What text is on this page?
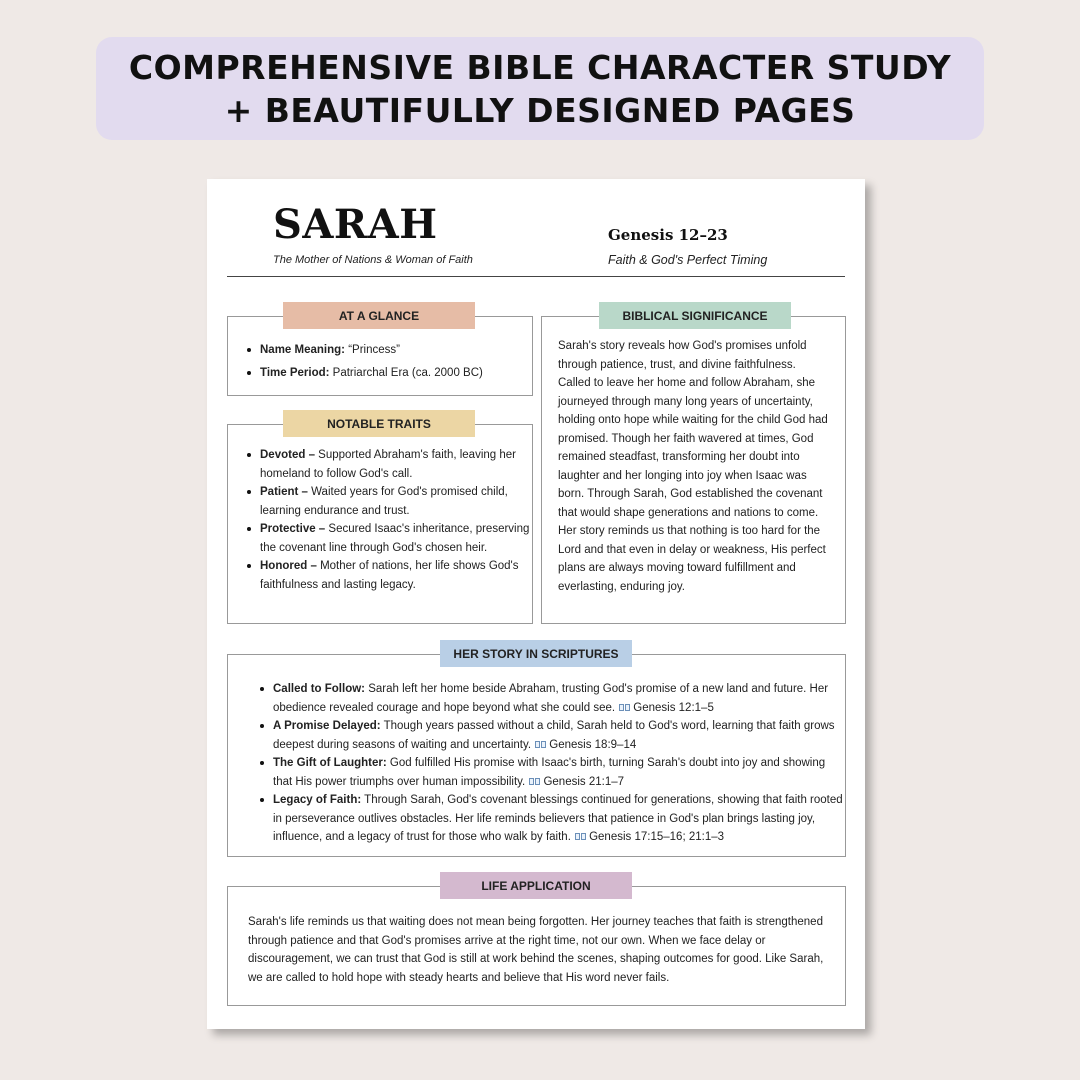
COMPREHENSIVE BIBLE CHARACTER STUDY
+ BEAUTIFULLY DESIGNED PAGES
SARAH
The Mother of Nations & Woman of Faith
Genesis 12–23
Faith & God's Perfect Timing
Name Meaning: “Princess”
Time Period: Patriarchal Era (ca. 2000 BC)
AT A GLANCE
Devoted – Supported Abraham's faith, leaving her homeland to follow God's call.
Patient – Waited years for God's promised child, learning endurance and trust.
Protective – Secured Isaac's inheritance, preserving the covenant line through God's chosen heir.
Honored – Mother of nations, her life shows God's faithfulness and lasting legacy.
NOTABLE TRAITS
Sarah's story reveals how God's promises unfold through patience, trust, and divine faithfulness. Called to leave her home and follow Abraham, she journeyed through many long years of uncertainty, holding onto hope while waiting for the child God had promised. Though her faith wavered at times, God remained steadfast, transforming her doubt into laughter and her longing into joy when Isaac was born. Through Sarah, God established the covenant that would shape generations and nations to come. Her story reminds us that nothing is too hard for the Lord and that even in delay or weakness, His perfect plans are always moving toward fulfillment and everlasting, enduring joy.
BIBLICAL SIGNIFICANCE
Called to Follow: Sarah left her home beside Abraham, trusting God's promise of a new land and future. Her obedience revealed courage and hope beyond what she could see. Genesis 12:1–5
A Promise Delayed: Though years passed without a child, Sarah held to God's word, learning that faith grows deepest during seasons of waiting and uncertainty. Genesis 18:9–14
The Gift of Laughter: God fulfilled His promise with Isaac's birth, turning Sarah's doubt into joy and showing that His power triumphs over human impossibility. Genesis 21:1–7
Legacy of Faith: Through Sarah, God's covenant blessings continued for generations, showing that faith rooted in perseverance outlives obstacles. Her life reminds believers that patience in God's plan brings lasting joy, influence, and a legacy of trust for those who walk by faith. Genesis 17:15–16; 21:1–3
HER STORY IN SCRIPTURES
Sarah's life reminds us that waiting does not mean being forgotten. Her journey teaches that faith is strengthened through patience and that God's promises arrive at the right time, not our own. When we face delay or discouragement, we can trust that God is still at work behind the scenes, shaping outcomes for good. Like Sarah, we are called to hold hope with steady hearts and believe that His word never fails.
LIFE APPLICATION
